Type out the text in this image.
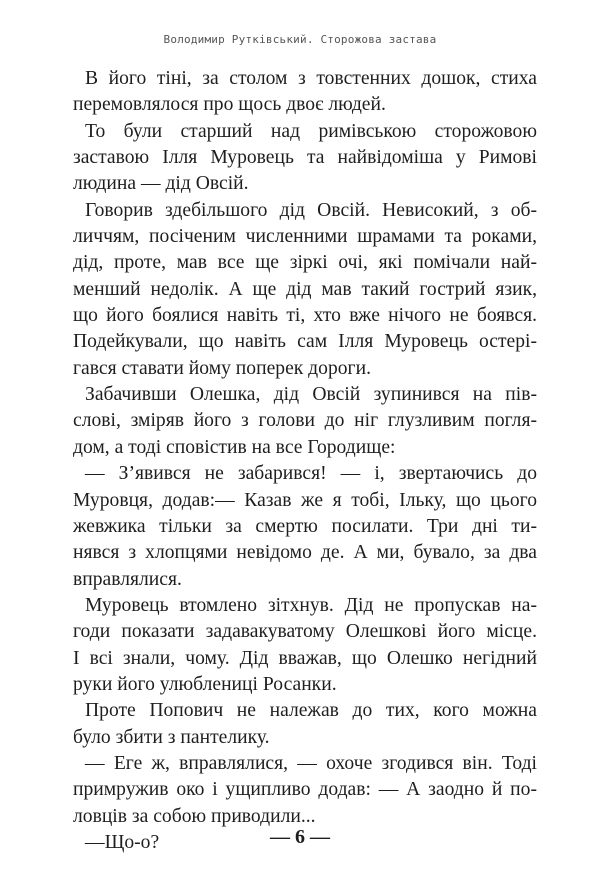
Володимир Рутківський. Сторожова застава
В його тіні, за столом з товстенних дошок, стиха
перемовлялося про щось двоє людей.
То були старший над римівською сторожовою
заставою Ілля Муровець та найвідоміша у Римові
людина — дід Овсій.
Говорив здебільшого дід Овсій. Невисокий, з об-
личчям, посіченим численними шрамами та роками,
дід, проте, мав все ще зіркі очі, які помічали най-
менший недолік. А ще дід мав такий гострий язик,
що його боялися навіть ті, хто вже нічого не боявся.
Подейкували, що навіть сам Ілля Муровець остері-
гався ставати йому поперек дороги.
Забачивши Олешка, дід Овсій зупинився на пів-
слові, зміряв його з голови до ніг глузливим погля-
дом, а тоді сповістив на все Городище:
— З’явився не забарився! — і, звертаючись до
Муровця, додав:— Казав же я тобі, Ільку, що цього
жевжика тільки за смертю посилати. Три дні ти-
нявся з хлопцями невідомо де. А ми, бувало, за два
вправлялися.
Муровець втомлено зітхнув. Дід не пропускав на-
годи показати задавакуватому Олешкові його місце.
І всі знали, чому. Дід вважав, що Олешко негідний
руки його улюблениці Росанки.
Проте Попович не належав до тих, кого можна
було збити з пантелику.
— Еге ж, вправлялися, — охоче згодився він. Тоді
примружив око і ущипливо додав: — А заодно й по-
ловців за собою приводили...
—Що-о?	— 6 —
